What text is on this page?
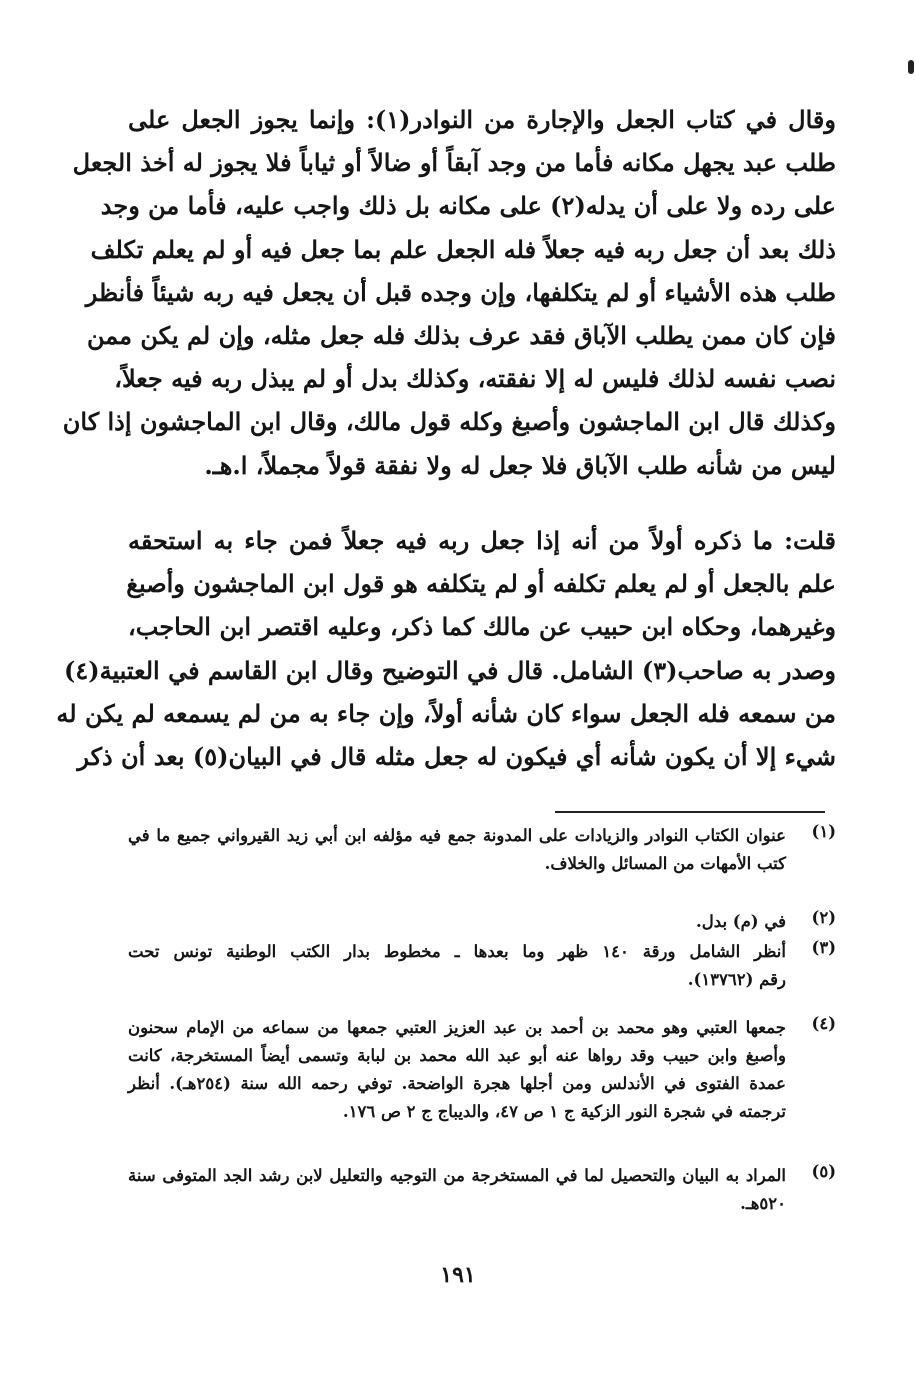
وقال في كتاب الجعل والإجارة من النوادر(١): وإنما يجوز الجعل على
طلب عبد يجهل مكانه فأما من وجد آبقاً أو ضالاً أو ثياباً فلا يجوز له أخذ الجعل
على رده ولا على أن يدله(٢) على مكانه بل ذلك واجب عليه، فأما من وجد
ذلك بعد أن جعل ربه فيه جعلاً فله الجعل علم بما جعل فيه أو لم يعلم تكلف
طلب هذه الأشياء أو لم يتكلفها، وإن وجده قبل أن يجعل فيه ربه شيئاً فأنظر
فإن كان ممن يطلب الآباق فقد عرف بذلك فله جعل مثله، وإن لم يكن ممن
نصب نفسه لذلك فليس له إلا نفقته، وكذلك بدل أو لم يبذل ربه فيه جعلاً،
وكذلك قال ابن الماجشون وأصبغ وكله قول مالك، وقال ابن الماجشون إذا كان
ليس من شأنه طلب الآباق فلا جعل له ولا نفقة قولاً مجملاً، ا.هـ.
قلت: ما ذكره أولاً من أنه إذا جعل ربه فيه جعلاً فمن جاء به استحقه
علم بالجعل أو لم يعلم تكلفه أو لم يتكلفه هو قول ابن الماجشون وأصبغ
وغيرهما، وحكاه ابن حبيب عن مالك كما ذكر، وعليه اقتصر ابن الحاجب،
وصدر به صاحب(٣) الشامل. قال في التوضيح وقال ابن القاسم في العتبية(٤)
من سمعه فله الجعل سواء كان شأنه أولاً، وإن جاء به من لم يسمعه لم يكن له
شيء إلا أن يكون شأنه أي فيكون له جعل مثله قال في البيان(٥) بعد أن ذكر
(١)
عنوان الكتاب النوادر والزيادات على المدونة جمع فيه مؤلفه ابن أبي زيد القيرواني جميع ما في
كتب الأمهات من المسائل والخلاف.
(٢)
في (م) بدل.
(٣)
أنظر الشامل ورقة ١٤٠ ظهر وما بعدها ـ مخطوط بدار الكتب الوطنية تونس تحت
رقم (١٣٧٦٢).
(٤)
جمعها العتبي وهو محمد بن أحمد بن عبد العزيز العتبي جمعها من سماعه من الإمام سحنون
وأصبغ وابن حبيب وقد رواها عنه أبو عبد الله محمد بن لبابة وتسمى أيضاً المستخرجة، كانت
عمدة الفتوى في الأندلس ومن أجلها هجرة الواضحة. توفي رحمه الله سنة (٢٥٤هـ). أنظر
ترجمته في شجرة النور الزكية ج ١ ص ٤٧، والديباج ج ٢ ص ١٧٦.
(٥)
المراد به البيان والتحصيل لما في المستخرجة من التوجيه والتعليل لابن رشد الجد المتوفى سنة
٥٢٠هـ.
١٩١
